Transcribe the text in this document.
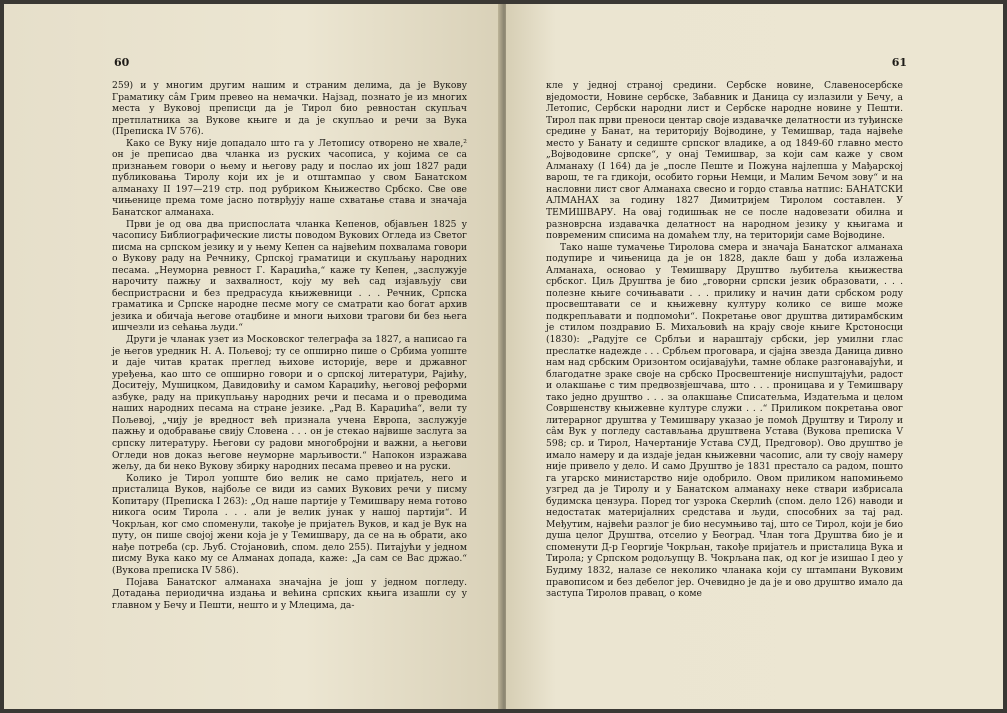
60

259) и у многим другим нашим и страним делима, да је Вукову Граматику сâм Грим превео на немачки. Најзад, познато је из многих места у Вуковој преписци да је Тирол био ревностан скупљач претплатника за Вукове књиге и да је скупљао и речи за Вука (Преписка IV 576).

Како се Вуку није допадало што га у Летопису отворено не хвале,² он је преписао два чланка из руских часописа, у којима се са признањем говори о њему и његову раду и послао их још 1827 ради публиковања Тиролу који их је и отштампао у свом Банатском алманаху II 197—219 стр. под рубриком Књижество Србско. Све ове чињенице према томе јасно потврђују наше схватање става и значаја Банатског алманаха.

Први је од ова два приспослата чланка Кепенов, објављен 1825 у часопису Библиографические листы поводом Вукових Огледа из Светог писма на српском језику и у њему Кепен са највећим похвалама говори о Вукову раду на Речнику, Српској граматици и скупљању народних песама. „Неуморна ревност Г. Караџића,“ каже ту Кепен, „заслужује нарочиту пажњу и захвалност, коју му већ сад изјављују сви беспристрасни и без предрасуда књижевници . . . Речник, Српска граматика и Српске народне песме могу се сматрати као богат архив језика и обичаја његове отаџбине и многи њихови трагови би без њега ишчезли из сећања људи.“

Други је чланак узет из Московског телеграфа за 1827, а написао га је његов уредник Н. А. Пољевој; ту се опширно пише о Србима уопште и даје читав кратак преглед њихове историје, вере и државног уређења, као што се опширно говори и о српској литератури, Рајићу, Доситеју, Мушицком, Давидовићу и самом Караџићу, његовој реформи азбуке, раду на прикупљању народних речи и песама и о преводима наших народних песама на стране језике. „Рад В. Караџића“, вели ту Пољевој, „чију је вредност већ признала учена Европа, заслужује пажњу и одобравање свију Словена . . . он је стекао највише заслуга за српску литературу. Његови су радови многобројни и важни, а његови Огледи нов доказ његове неуморне марљивости.“ Напокон изражава жељу, да би неко Вукову збирку народних песама превео и на руски.

Колико је Тирол уопште био велик не само пријатељ, него и присталица Вуков, најбоље се види из самих Вукових речи у писму Копитару (Преписка I 263): „Од наше партије у Темишвару нема готово никога осим Тирола . . . али је велик јунак у нашој партији“. И Чокрљан, ког смо споменули, такође је пријатељ Вуков, и кад је Вук на путу, он пише својој жени која је у Темишвару, да се на њ обрати, ако нађе потреба (ср. Љуб. Стојановић, спом. дело 255). Питајући у једном писму Вука како му се Алманах допада, каже: „Ја сам се Вас држао.“ (Вукова преписка IV 586).

Појава Банатског алманаха значајна је још у једном погледу. Дотадања периодична издања и већина српских књига изашли су у главном у Бечу и Пешти, нешто и у Млецима, да-

61

кле у једној страној средини. Сербске новине, Славеносербске вједомости, Новине сербске, Забавник и Даница су излазили у Бечу, а Летопис, Сербски народни лист и Сербске народне новине у Пешти. Тирол пак први преноси центар своје издавачке делатности из туђинске средине у Банат, на територију Војводине, у Темишвар, тада највеће место у Банату и седиште српског владике, а од 1849-60 главно место „Војводовине српске“, у онај Темишвар, за који сам каже у свом Алманаху (I 164) да је „после Пеште и Пожуна најлепша у Мађарској варош, те га гдикоји, особито горњи Немци, и Малим Бечом зову“ и на насловни лист свог Алманаха свесно и гордо ставља натпис: БАНАТСКИ АЛМАНАХ за годину 1827 Димитријем Тиролом составлен. У ТЕМИШВАРУ. На овај годишњак не се после надовезати обилна и разноврсна издавачка делатност на народном језику у књигама и повременим списима на домаћем тлу, на територији саме Војводине.

Тако наше тумачење Тиролова смера и значаја Банатског алманаха подупире и чињеница да је он 1828, дакле баш у доба излажења Алманаха, основао у Темишвару Друштво љубитеља књижества србског. Циљ Друштва је био „говорни српски језик образовати, . . . полезне књиге сочињавати . . . прилику и начин дати србском роду просвештавати се и књижевну културу колико се више може подкрепљавати и подпомоћи“. Покретање овог друштва дитирамбским је стилом поздравио Б. Михаљовић на крају своје књиге Крстоносци (1830): „Радујте се Срблъи и нараштају србски, јер умилни глас преслатке надежде . . . Србљем проговара, и сјајна звезда Даница дивно нам над србским Оризонтом осијавајући, тамне облаке разгонавајући, и благодатне зраке своје на србско Просвештеније ниспуштајући, радост и олакшање с тим предвозвјешчава, што . . . проницава и у Темишвару тако једно друштво . . . за олакшање Списатељма, Издатељма и целом Совршенству књижевне културе служи . . .“ Приликом покретања овог литерарног друштва у Темишвару указао је помоћ Друштву и Тиролу и сâм Вук у погледу састављања друштвена Устава (Вукова преписка V 598; ср. и Тирол, Начертаније Устава СУД, Предговор). Ово друштво је имало намеру и да издаје један књижевни часопис, али ту своју намеру није привело у дело. И само Друштво је 1831 престало са радом, пошто га угарско министарство није одобрило. Овом приликом напомињемо узгред да је Тиролу и у Банатском алманаху неке ствари избрисала будимска цензура. Поред тог узрока Скерлић (спом. дело 126) наводи и недостатак материјалних средстава и људи, способних за тај рад. Међутим, највећи разлог је био несумњиво тај, што се Тирол, који је био душа целог Друштва, отселио у Београд. Члан тога Друштва био је и споменути Д-р Георгије Чокрљан, такође пријатељ и присталица Вука и Тирола; у Српском родољупцу В. Чокрљана пак, од ког је изишао I део у Будиму 1832, налазе се неколико чланака који су штампани Вуковим правописом и без дебелог јер. Очевидно је да је и ово друштво имало да заступа Тиролов правац, о коме
